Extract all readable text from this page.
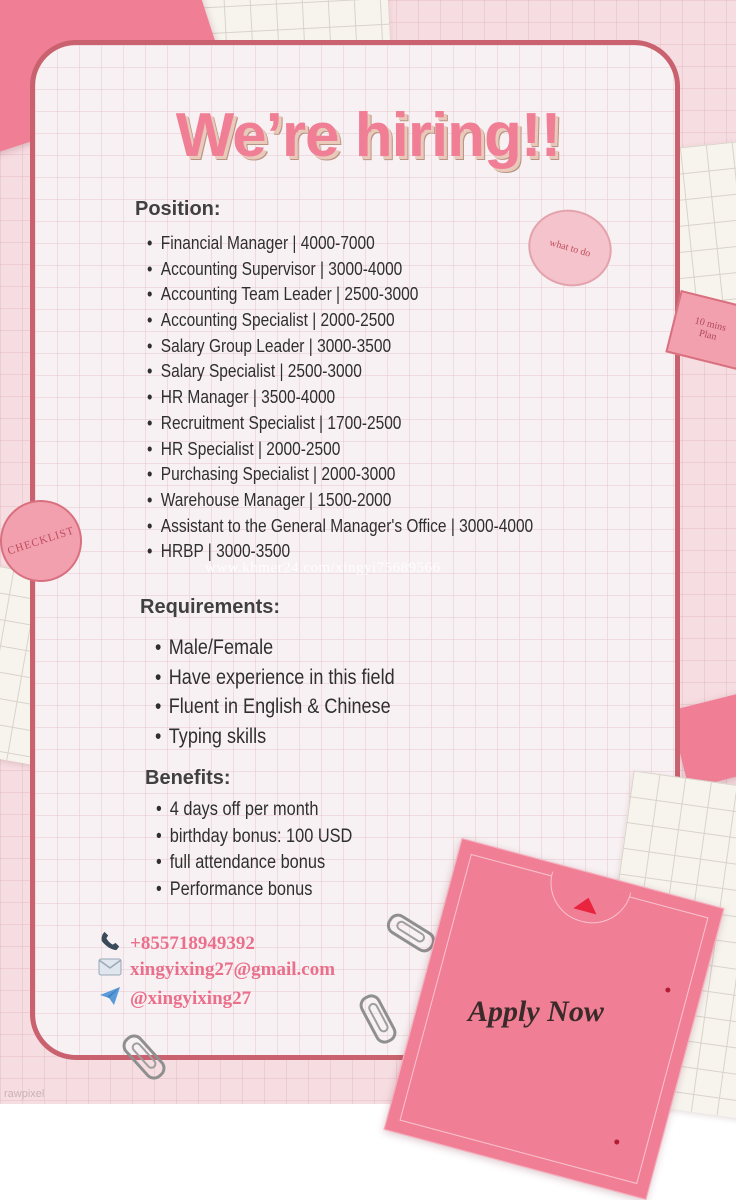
We’re hiring!!
Position:
• Financial Manager | 4000-7000
• Accounting Supervisor | 3000-4000
• Accounting Team Leader | 2500-3000
• Accounting Specialist | 2000-2500
• Salary Group Leader | 3000-3500
• Salary Specialist | 2500-3000
• HR Manager | 3500-4000
• Recruitment Specialist | 1700-2500
• HR Specialist | 2000-2500
• Purchasing Specialist | 2000-3000
• Warehouse Manager | 1500-2000
• Assistant to the General Manager's Office | 3000-4000
• HRBP | 3000-3500
www.khmer24.com/xingyi75689566
Requirements:
• Male/Female
• Have experience in this field
• Fluent in English & Chinese
• Typing skills
Benefits:
• 4 days off per month
• birthday bonus: 100 USD
• full attendance bonus
• Performance bonus
+855718949392
xingyixing27@gmail.com
@xingyixing27
CHECKLIST
what to do
10 mins Plan
Apply Now
rawpixel
